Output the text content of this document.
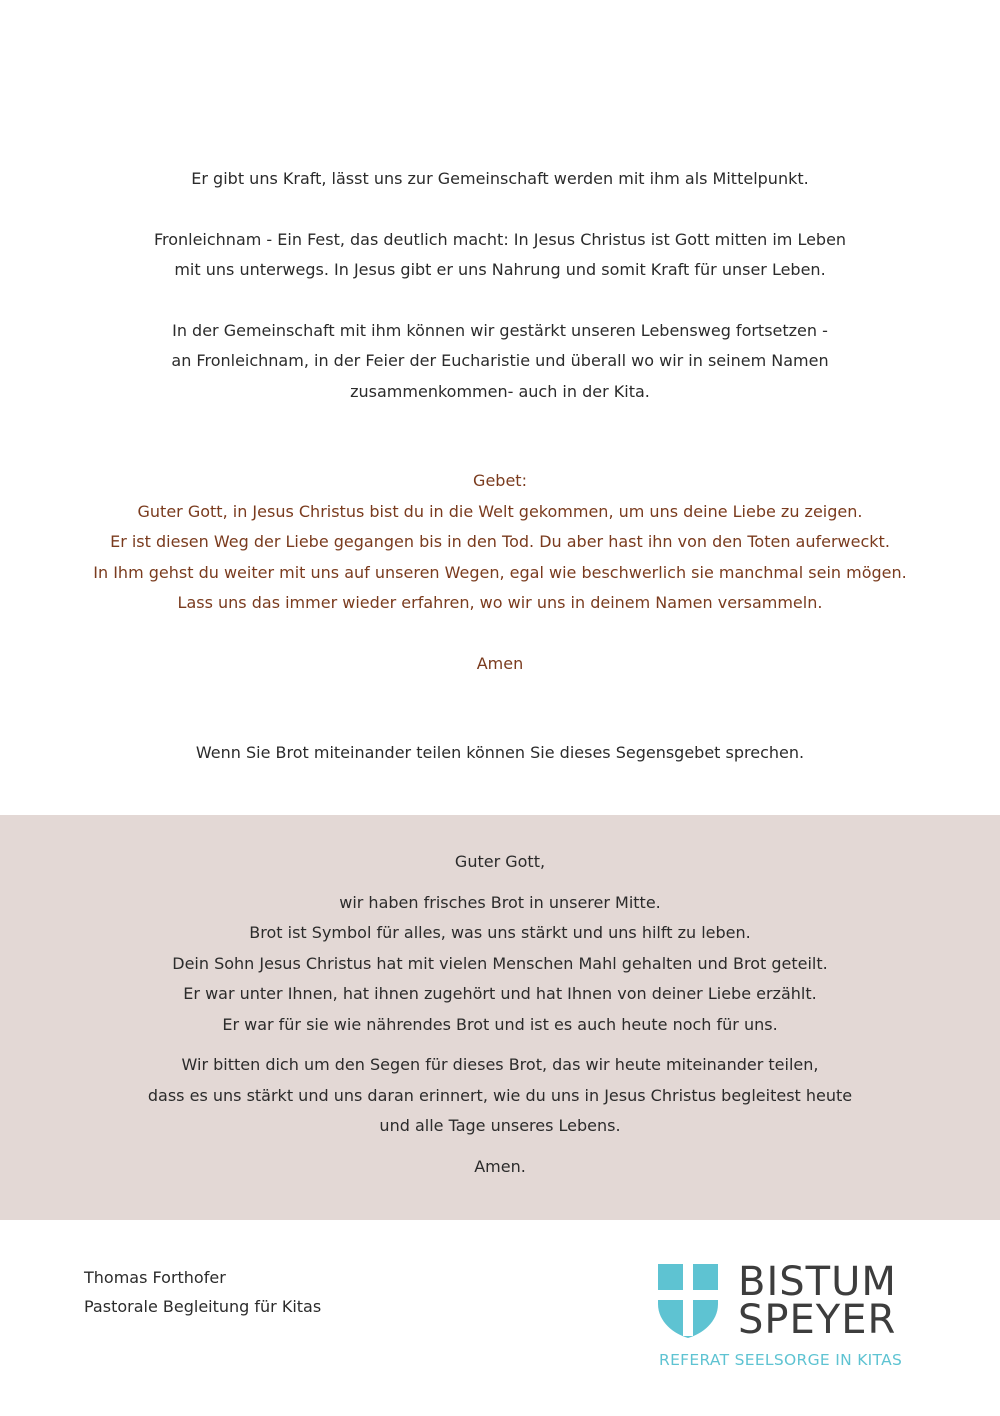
Er gibt uns Kraft, lässt uns zur Gemeinschaft werden mit ihm als Mittelpunkt.
Fronleichnam - Ein Fest, das deutlich macht: In Jesus Christus ist Gott mitten im Leben
mit uns unterwegs. In Jesus gibt er uns Nahrung und somit Kraft für unser Leben.
In der Gemeinschaft mit ihm können wir gestärkt unseren Lebensweg fortsetzen -
an Fronleichnam, in der Feier der Eucharistie und überall wo wir in seinem Namen
zusammenkommen- auch in der Kita.
Gebet:
Guter Gott, in Jesus Christus bist du in die Welt gekommen, um uns deine Liebe zu zeigen.
Er ist diesen Weg der Liebe gegangen bis in den Tod. Du aber hast ihn von den Toten auferweckt.
In Ihm gehst du weiter mit uns auf unseren Wegen, egal wie beschwerlich sie manchmal sein mögen.
Lass uns das immer wieder erfahren, wo wir uns in deinem Namen versammeln.
Amen
Wenn Sie Brot miteinander teilen können Sie dieses Segensgebet sprechen.
Guter Gott,
wir haben frisches Brot in unserer Mitte.
Brot ist Symbol für alles, was uns stärkt und uns hilft zu leben.
Dein Sohn Jesus Christus hat mit vielen Menschen Mahl gehalten und Brot geteilt.
Er war unter Ihnen, hat ihnen zugehört und hat Ihnen von deiner Liebe erzählt.
Er war für sie wie nährendes Brot und ist es auch heute noch für uns.
Wir bitten dich um den Segen für dieses Brot, das wir heute miteinander teilen,
dass es uns stärkt und uns daran erinnert, wie du uns in Jesus Christus begleitest heute
und alle Tage unseres Lebens.
Amen.
Thomas Forthofer
Pastorale Begleitung für Kitas
BISTUM
SPEYER
REFERAT SEELSORGE IN KITAS
